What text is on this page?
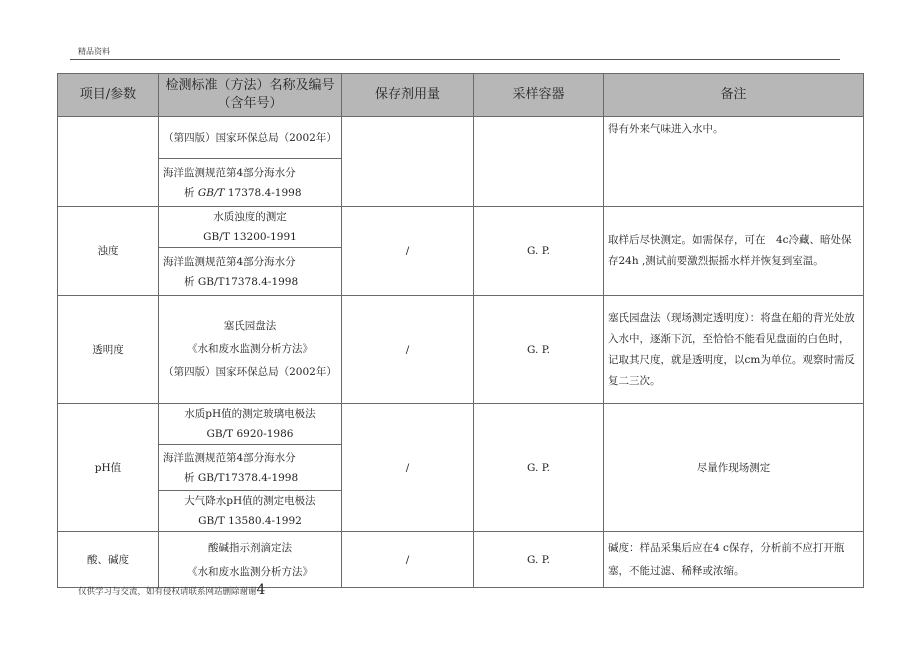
精品资料
项目/参数	检测标准（方法）名称及编号（含年号）	保存剂用量	采样容器	备注
	（第四版）国家环保总局（2002年）			得有外来气味进入水中。

	海洋监测规范第4部分海水分
析 GB/T 17378.4-1998			

浊度	水质浊度的测定
GB/T 13200-1991	/	G. P.	取样后尽快测定。如需保存，可在　4c冷藏、暗处保存24h ,测试前要激烈振摇水样并恢复到室温。

	海洋监测规范第4部分海水分
析 GB/T17378.4-1998			

透明度	塞氏园盘法
《水和废水监测分析方法》
（第四版）国家环保总局（2002年）	/	G. P.	塞氏园盘法（现场测定透明度）：将盘在船的背光处放入水中，逐渐下沉，至恰恰不能看见盘面的白色时，记取其尺度，就是透明度，以cm为单位。观察时需反复二三次。
pH值	水质pH值的测定玻璃电极法
GB/T 6920-1986	/	G. P.	尽量作现场测定

	海洋监测规范第4部分海水分
析 GB/T17378.4-1998			

	大气降水pH值的测定电极法
GB/T 13580.4-1992			

酸、碱度	酸碱指示剂滴定法
《水和废水监测分析方法》	/	G. P.	碱度：样品采集后应在4 c保存，分析前不应打开瓶塞，不能过滤、稀释或浓缩。
仅供学习与交流，如有侵权请联系网站删除谢谢4
